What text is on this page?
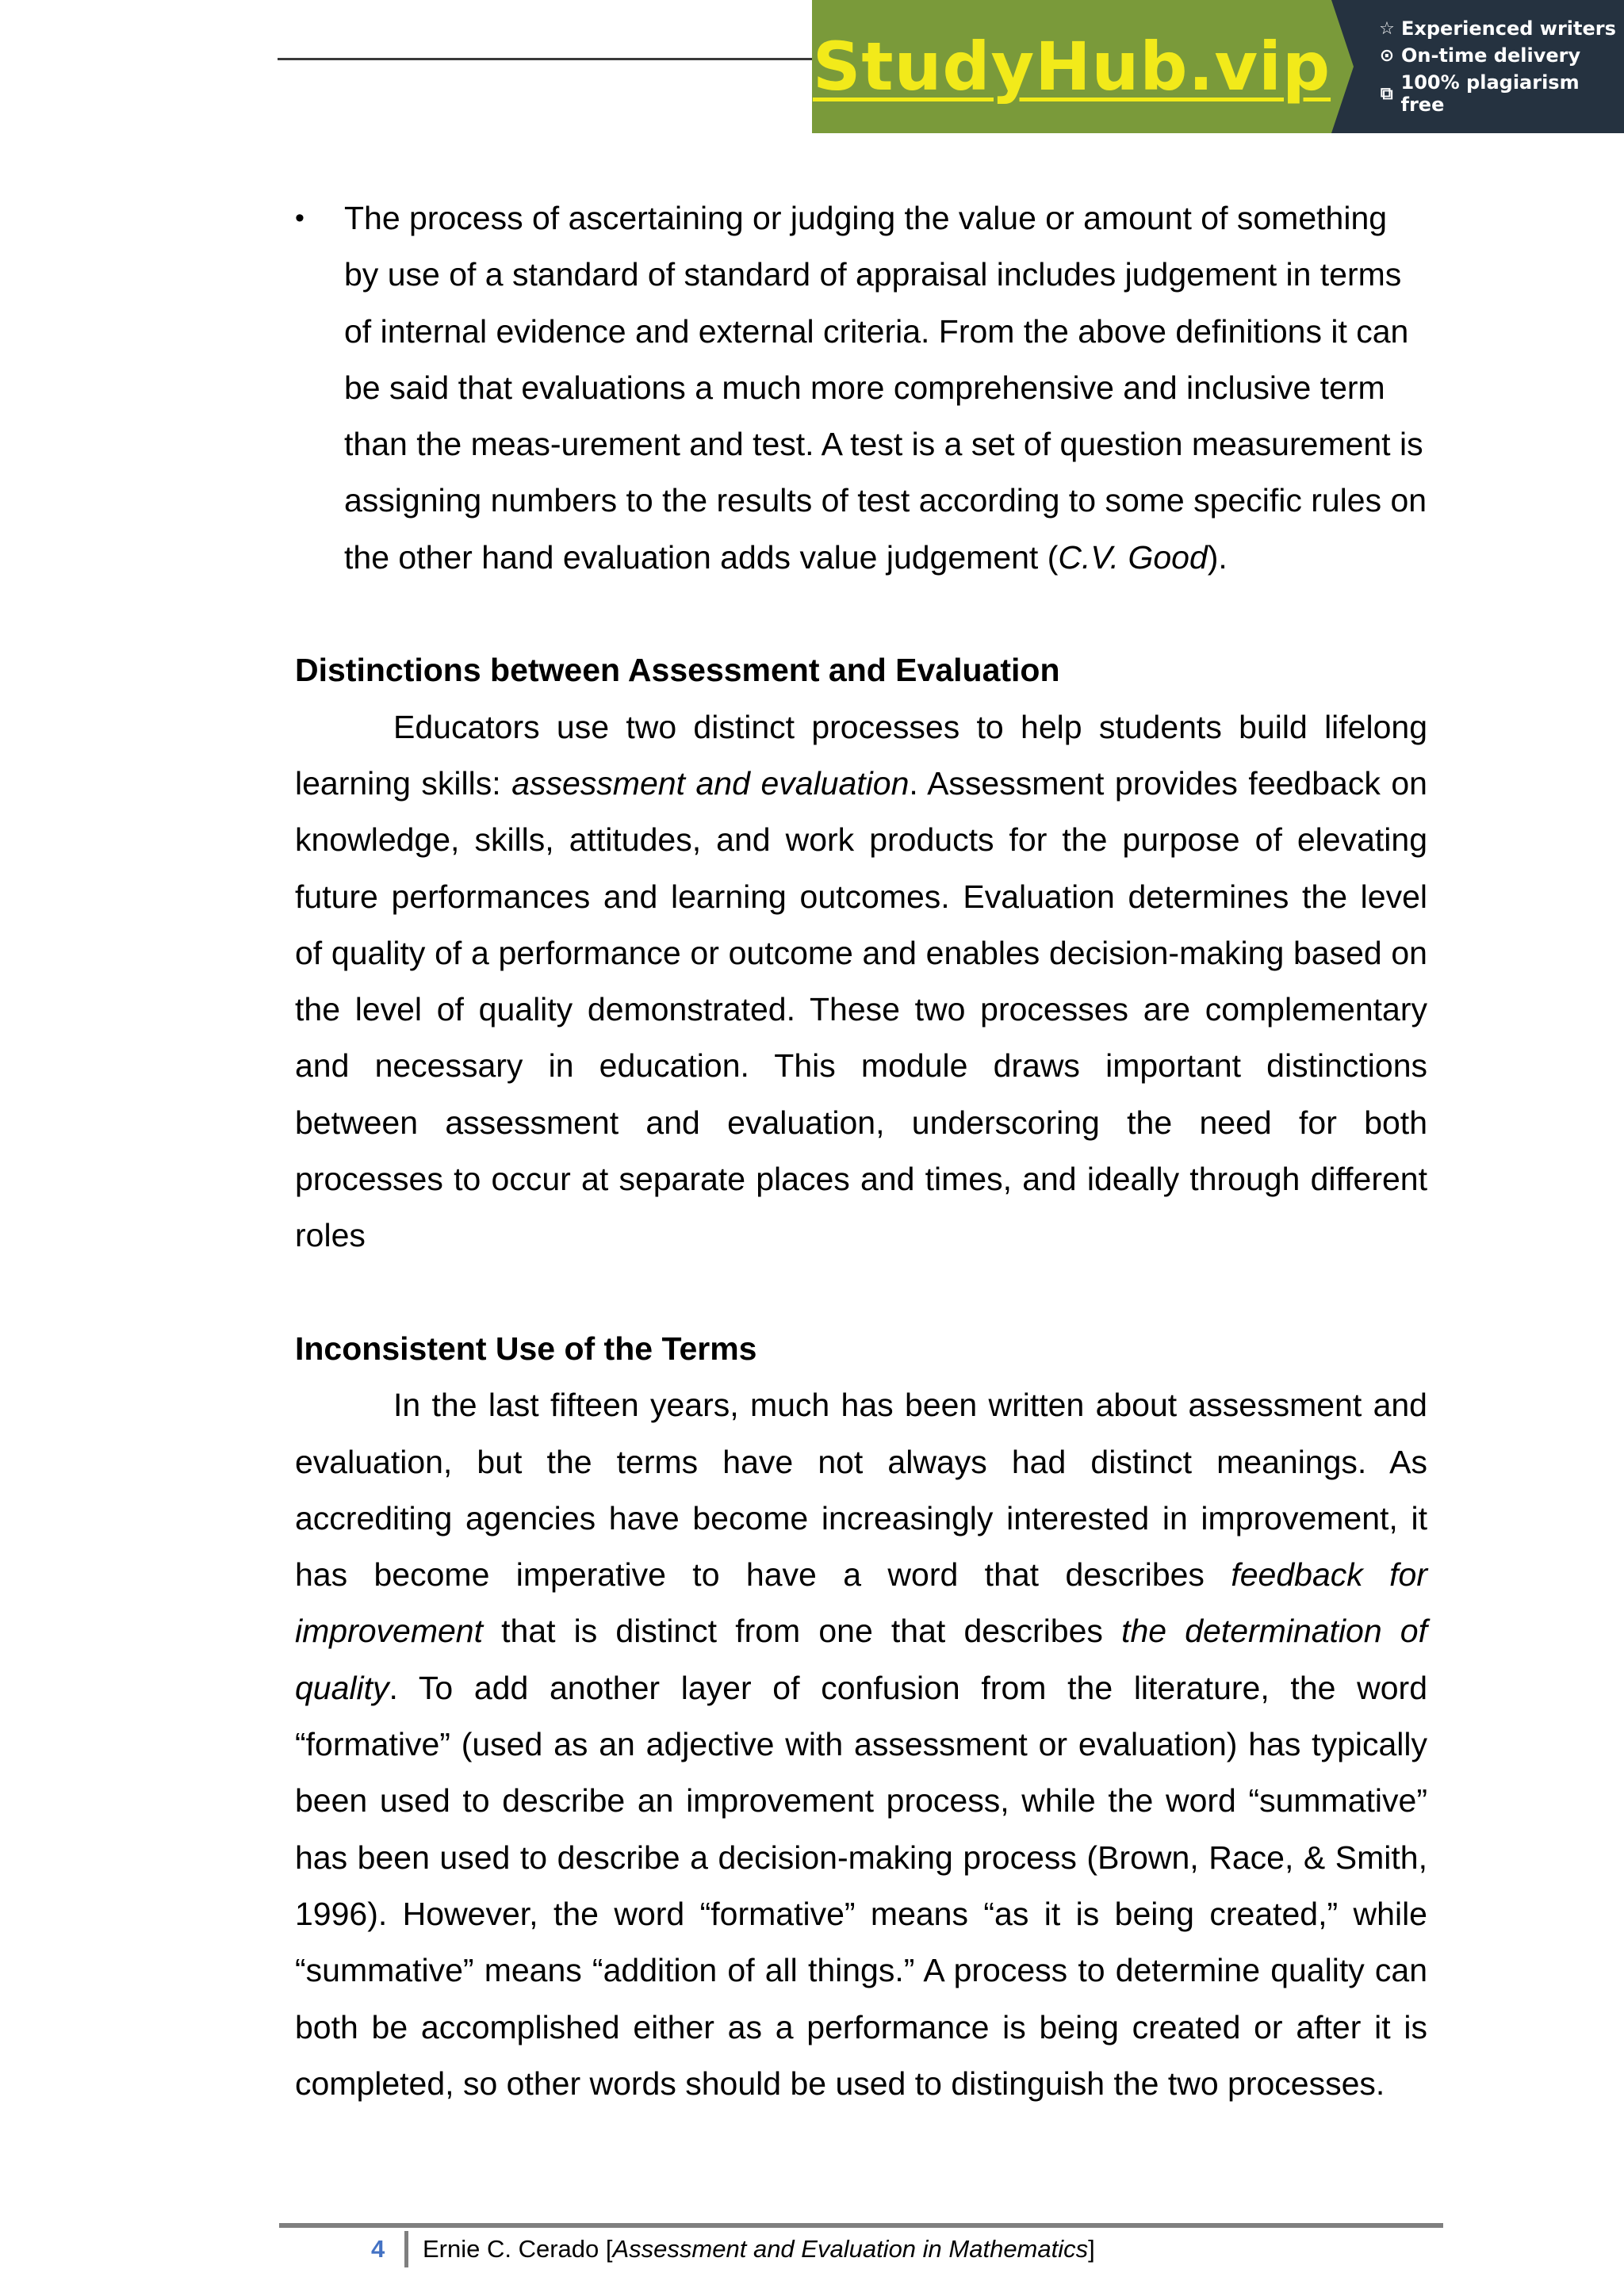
StudyHub.vip	☆ Experienced writers
⊙ On-time delivery
⧉ 100% plagiarism free
• The process of ascertaining or judging the value or amount of something by use of a standard of standard of appraisal includes judgement in terms of internal evidence and external criteria. From the above definitions it can be said that evaluations a much more comprehensive and inclusive term than the meas-urement and test. A test is a set of question measurement is assigning numbers to the results of test according to some specific rules on the other hand evaluation adds value judgement (C.V. Good).

Distinctions between Assessment and Evaluation

Educators use two distinct processes to help students build lifelong learning skills: assessment and evaluation. Assessment provides feedback on knowledge, skills, attitudes, and work products for the purpose of elevating future performances and learning outcomes. Evaluation determines the level of quality of a performance or outcome and enables decision-making based on the level of quality demonstrated. These two processes are complementary and necessary in education. This module draws important distinctions between assessment and evaluation, underscoring the need for both processes to occur at separate places and times, and ideally through different roles

Inconsistent Use of the Terms

In the last fifteen years, much has been written about assessment and evaluation, but the terms have not always had distinct meanings. As accrediting agencies have become increasingly interested in improvement, it has become imperative to have a word that describes feedback for improvement that is distinct from one that describes the determination of quality. To add another layer of confusion from the literature, the word “formative” (used as an adjective with assessment or evaluation) has typically been used to describe an improvement process, while the word “summative” has been used to describe a decision-making process (Brown, Race, & Smith, 1996). However, the word “formative” means “as it is being created,” while “summative” means “addition of all things.” A process to determine quality can both be accomplished either as a performance is being created or after it is completed, so other words should be used to distinguish the two processes.

4	Ernie C. Cerado [Assessment and Evaluation in Mathematics]
